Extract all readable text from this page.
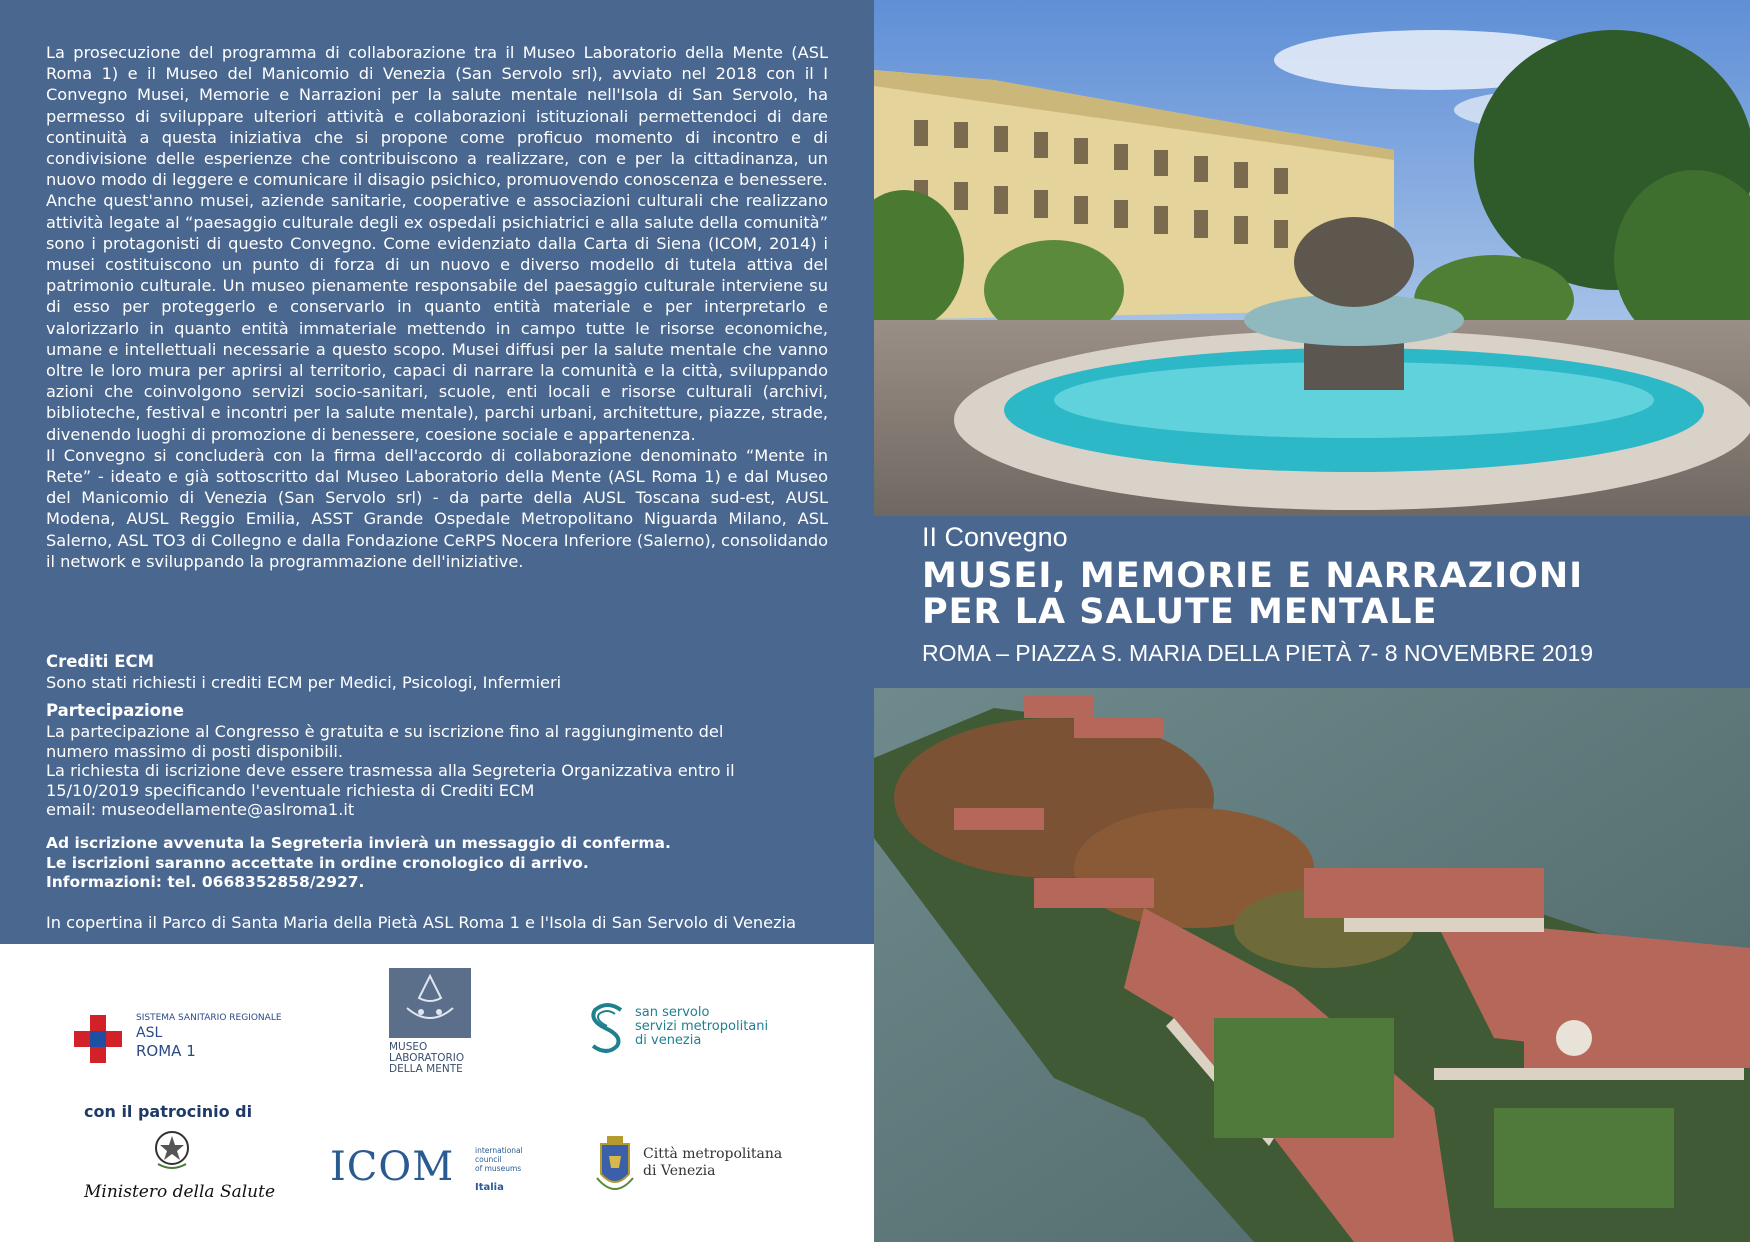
La prosecuzione del programma di collaborazione tra il Museo Laboratorio della Mente (ASL Roma 1) e il Museo del Manicomio di Venezia (San Servolo srl), avviato nel 2018 con il I Convegno Musei, Memorie e Narrazioni per la salute mentale nell'Isola di San Servolo, ha permesso di sviluppare ulteriori attività e collaborazioni istituzionali permettendoci di dare continuità a questa iniziativa che si propone come proficuo momento di incontro e di condivisione delle esperienze che contribuiscono a realizzare, con e per la cittadinanza, un nuovo modo di leggere e comunicare il disagio psichico, promuovendo conoscenza e benessere.
Anche quest'anno musei, aziende sanitarie, cooperative e associazioni culturali che realizzano attività legate al “paesaggio culturale degli ex ospedali psichiatrici e alla salute della comunità” sono i protagonisti di questo Convegno. Come evidenziato dalla Carta di Siena (ICOM, 2014) i musei costituiscono un punto di forza di un nuovo e diverso modello di tutela attiva del patrimonio culturale. Un museo pienamente responsabile del paesaggio culturale interviene su di esso per proteggerlo e conservarlo in quanto entità materiale e per interpretarlo e valorizzarlo in quanto entità immateriale mettendo in campo tutte le risorse economiche, umane e intellettuali necessarie a questo scopo. Musei diffusi per la salute mentale che vanno oltre le loro mura per aprirsi al territorio, capaci di narrare la comunità e la città, sviluppando azioni che coinvolgono servizi socio-sanitari, scuole, enti locali e risorse culturali (archivi, biblioteche, festival e incontri per la salute mentale), parchi urbani, architetture, piazze, strade, divenendo luoghi di promozione di benessere, coesione sociale e appartenenza.
Il Convegno si concluderà con la firma dell'accordo di collaborazione denominato “Mente in Rete” - ideato e già sottoscritto dal Museo Laboratorio della Mente (ASL Roma 1) e dal Museo del Manicomio di Venezia (San Servolo srl) - da parte della AUSL Toscana sud-est, AUSL Modena, AUSL Reggio Emilia, ASST Grande Ospedale Metropolitano Niguarda Milano, ASL Salerno, ASL TO3 di Collegno e dalla Fondazione CeRPS Nocera Inferiore (Salerno), consolidando il network e sviluppando la programmazione dell'iniziative.

Crediti ECM

Sono stati richiesti i crediti ECM per Medici, Psicologi, Infermieri

Partecipazione

La partecipazione al Congresso è gratuita e su iscrizione fino al raggiungimento del
numero massimo di posti disponibili.
La richiesta di iscrizione deve essere trasmessa alla Segreteria Organizzativa entro il
15/10/2019 specificando l'eventuale richiesta di Crediti ECM
email: museodellamente@aslroma1.it
Ad iscrizione avvenuta la Segreteria invierà un messaggio di conferma.
Le iscrizioni saranno accettate in ordine cronologico di arrivo.
Informazioni: tel. 0668352858/2927.

In copertina il Parco di Santa Maria della Pietà ASL Roma 1 e l'Isola di San Servolo di Venezia

SISTEMA SANITARIO REGIONALE
ASL
ROMA 1	MUSEO
LABORATORIO
DELLA MENTE
san servolo
servizi metropolitani
di venezia
con il patrocinio di
Ministero della Salute
ICOM	international
council
of museums
Italia
Città metropolitana
di Venezia
II Convegno
MUSEI, MEMORIE E NARRAZIONI
PER LA SALUTE MENTALE
ROMA – PIAZZA S. MARIA DELLA PIETÀ 7- 8 NOVEMBRE 2019
